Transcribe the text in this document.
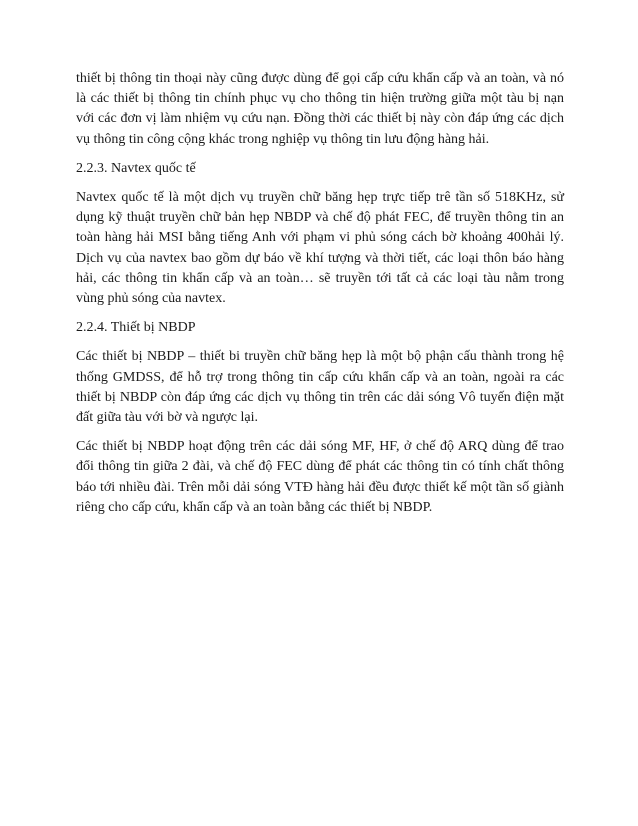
thiết bị thông tin thoại này cũng được dùng để gọi cấp cứu khẩn cấp và an toàn, và nó là các thiết bị thông tin chính phục vụ cho thông tin hiện trường giữa một tàu bị nạn với các đơn vị làm nhiệm vụ cứu nạn. Đồng thời các thiết bị này còn đáp ứng các dịch vụ thông tin công cộng khác trong nghiệp vụ thông tin lưu động hàng hải.

2.2.3. Navtex quốc tế

Navtex quốc tế là một dịch vụ truyền chữ băng hẹp trực tiếp trê tần số 518KHz, sử dụng kỹ thuật truyền chữ bản hẹp NBDP và chế độ phát FEC, để truyền thông tin an toàn hàng hải MSI bằng tiếng Anh với phạm vi phủ sóng cách bờ khoảng 400hải lý. Dịch vụ của navtex bao gồm dự báo về khí tượng và thời tiết, các loại thôn báo hàng hải, các thông tin khẩn cấp và an toàn… sẽ truyền tới tất cả các loại tàu nằm trong vùng phủ sóng của navtex.

2.2.4. Thiết bị NBDP

Các thiết bị NBDP – thiết bi truyền chữ băng hẹp là một bộ phận cấu thành trong hệ thống GMDSS, để hỗ trợ trong thông tin cấp cứu khẩn cấp và an toàn, ngoài ra các thiết bị NBDP còn đáp ứng các dịch vụ thông tin trên các dải sóng Vô tuyến điện mặt đất giữa tàu với bờ và ngược lại.

Các thiết bị NBDP hoạt động trên các dải sóng MF, HF, ở chế độ ARQ dùng để trao đổi thông tin giữa 2 đài, và chế độ FEC dùng để phát các thông tin có tính chất thông báo tới nhiều đài. Trên mỗi dải sóng VTĐ hàng hải đều được thiết kế một tần số giành riêng cho cấp cứu, khẩn cấp và an toàn bằng các thiết bị NBDP.
